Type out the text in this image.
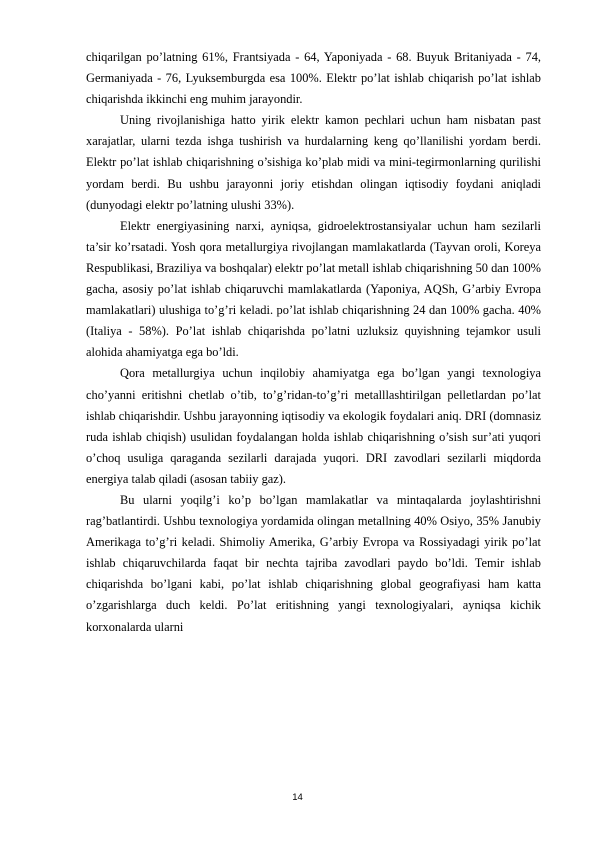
chiqarilgan po’latning 61%, Frantsiyada - 64, Yaponiyada - 68. Buyuk Britaniyada - 74, Germaniyada - 76, Lyuksemburgda esa 100%. Elektr po’lat ishlab chiqarish po’lat ishlab chiqarishda ikkinchi eng muhim jarayondir.

Uning rivojlanishiga hatto yirik elektr kamon pechlari uchun ham nisbatan past xarajatlar, ularni tezda ishga tushirish va hurdalarning keng qo’llanilishi yordam berdi. Elektr po’lat ishlab chiqarishning o’sishiga ko’plab midi va mini-tegirmonlarning qurilishi yordam berdi. Bu ushbu jarayonni joriy etishdan olingan iqtisodiy foydani aniqladi (dunyodagi elektr po’latning ulushi 33%).

Elektr energiyasining narxi, ayniqsa, gidroelektrostansiyalar uchun ham sezilarli ta’sir ko’rsatadi. Yosh qora metallurgiya rivojlangan mamlakatlarda (Tayvan oroli, Koreya Respublikasi, Braziliya va boshqalar) elektr po’lat metall ishlab chiqarishning 50 dan 100% gacha, asosiy po’lat ishlab chiqaruvchi mamlakatlarda (Yaponiya, AQSh, G’arbiy Evropa mamlakatlari) ulushiga to’g’ri keladi. po’lat ishlab chiqarishning 24 dan 100% gacha. 40% (Italiya - 58%). Po’lat ishlab chiqarishda po’latni uzluksiz quyishning tejamkor usuli alohida ahamiyatga ega bo’ldi.

Qora metallurgiya uchun inqilobiy ahamiyatga ega bo’lgan yangi texnologiya cho’yanni eritishni chetlab o’tib, to’g’ridan-to’g’ri metalllashtirilgan pelletlardan po’lat ishlab chiqarishdir. Ushbu jarayonning iqtisodiy va ekologik foydalari aniq. DRI (domnasiz ruda ishlab chiqish) usulidan foydalangan holda ishlab chiqarishning o’sish sur’ati yuqori o’choq usuliga qaraganda sezilarli darajada yuqori. DRI zavodlari sezilarli miqdorda energiya talab qiladi (asosan tabiiy gaz).

Bu ularni yoqilg’i ko’p bo’lgan mamlakatlar va mintaqalarda joylashtirishni rag’batlantirdi. Ushbu texnologiya yordamida olingan metallning 40% Osiyo, 35% Janubiy Amerikaga to’g’ri keladi. Shimoliy Amerika, G’arbiy Evropa va Rossiyadagi yirik po’lat ishlab chiqaruvchilarda faqat bir nechta tajriba zavodlari paydo bo’ldi. Temir ishlab chiqarishda bo’lgani kabi, po’lat ishlab chiqarishning global geografiyasi ham katta o’zgarishlarga duch keldi. Po’lat eritishning yangi texnologiyalari, ayniqsa kichik korxonalarda ularni

14
